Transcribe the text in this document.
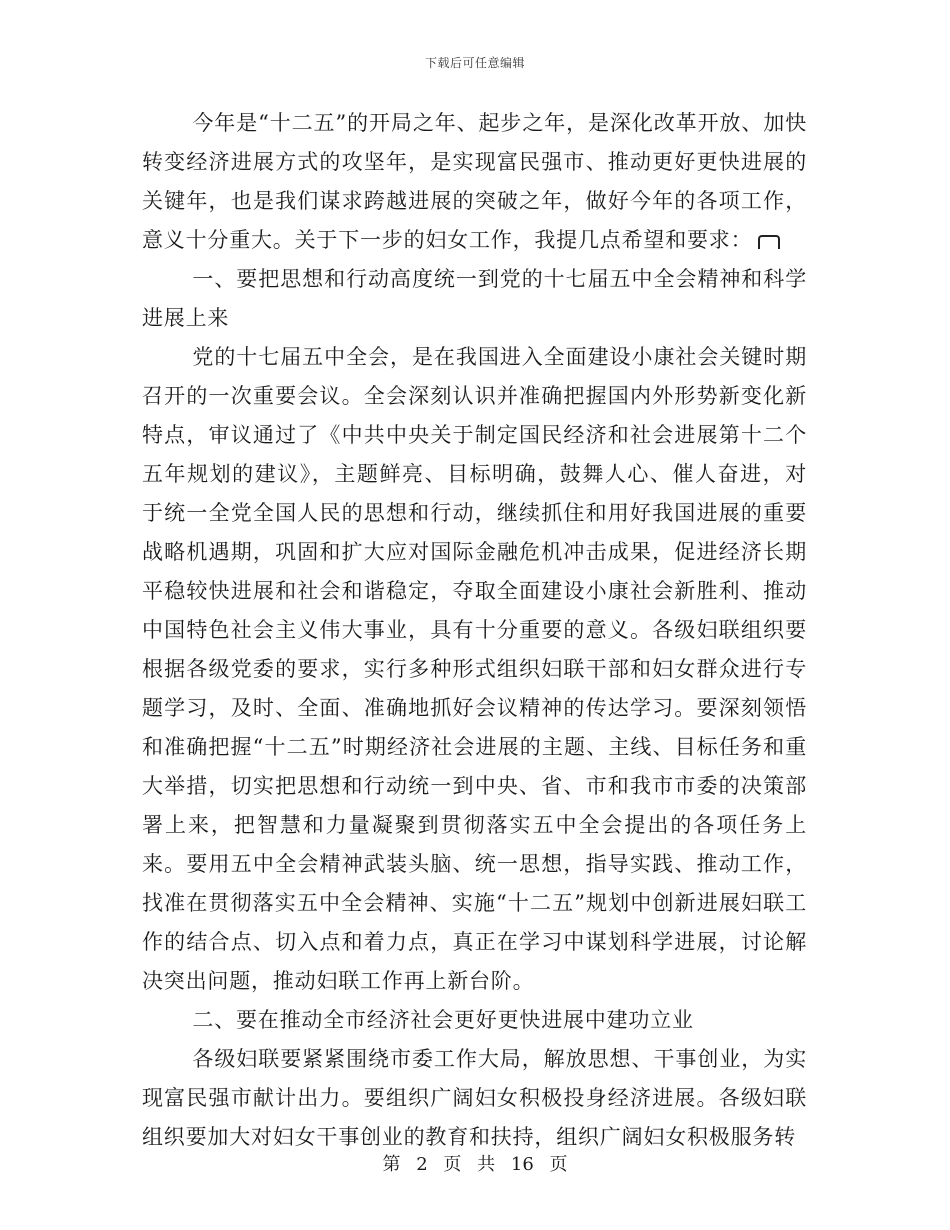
下载后可任意编辑

今年是“十二五”的开局之年、起步之年，是深化改革开放、加快转变经济进展方式的攻坚年，是实现富民强市、推动更好更快进展的关键年，也是我们谋求跨越进展的突破之年，做好今年的各项工作，意义十分重大。关于下一步的妇女工作，我提几点希望和要求：

一、要把思想和行动高度统一到党的十七届五中全会精神和科学进展上来

党的十七届五中全会，是在我国进入全面建设小康社会关键时期召开的一次重要会议。全会深刻认识并准确把握国内外形势新变化新特点，审议通过了《中共中央关于制定国民经济和社会进展第十二个五年规划的建议》，主题鲜亮、目标明确，鼓舞人心、催人奋进，对于统一全党全国人民的思想和行动，继续抓住和用好我国进展的重要战略机遇期，巩固和扩大应对国际金融危机冲击成果，促进经济长期平稳较快进展和社会和谐稳定，夺取全面建设小康社会新胜利、推动中国特色社会主义伟大事业，具有十分重要的意义。各级妇联组织要根据各级党委的要求，实行多种形式组织妇联干部和妇女群众进行专题学习，及时、全面、准确地抓好会议精神的传达学习。要深刻领悟和准确把握“十二五”时期经济社会进展的主题、主线、目标任务和重大举措，切实把思想和行动统一到中央、省、市和我市市委的决策部署上来，把智慧和力量凝聚到贯彻落实五中全会提出的各项任务上来。要用五中全会精神武装头脑、统一思想，指导实践、推动工作，找准在贯彻落实五中全会精神、实施“十二五”规划中创新进展妇联工作的结合点、切入点和着力点，真正在学习中谋划科学进展，讨论解决突出问题，推动妇联工作再上新台阶。

二、要在推动全市经济社会更好更快进展中建功立业

各级妇联要紧紧围绕市委工作大局，解放思想、干事创业，为实现富民强市献计出力。要组织广阔妇女积极投身经济进展。各级妇联组织要加大对妇女干事创业的教育和扶持，组织广阔妇女积极服务转

第 2 页 共 16 页
